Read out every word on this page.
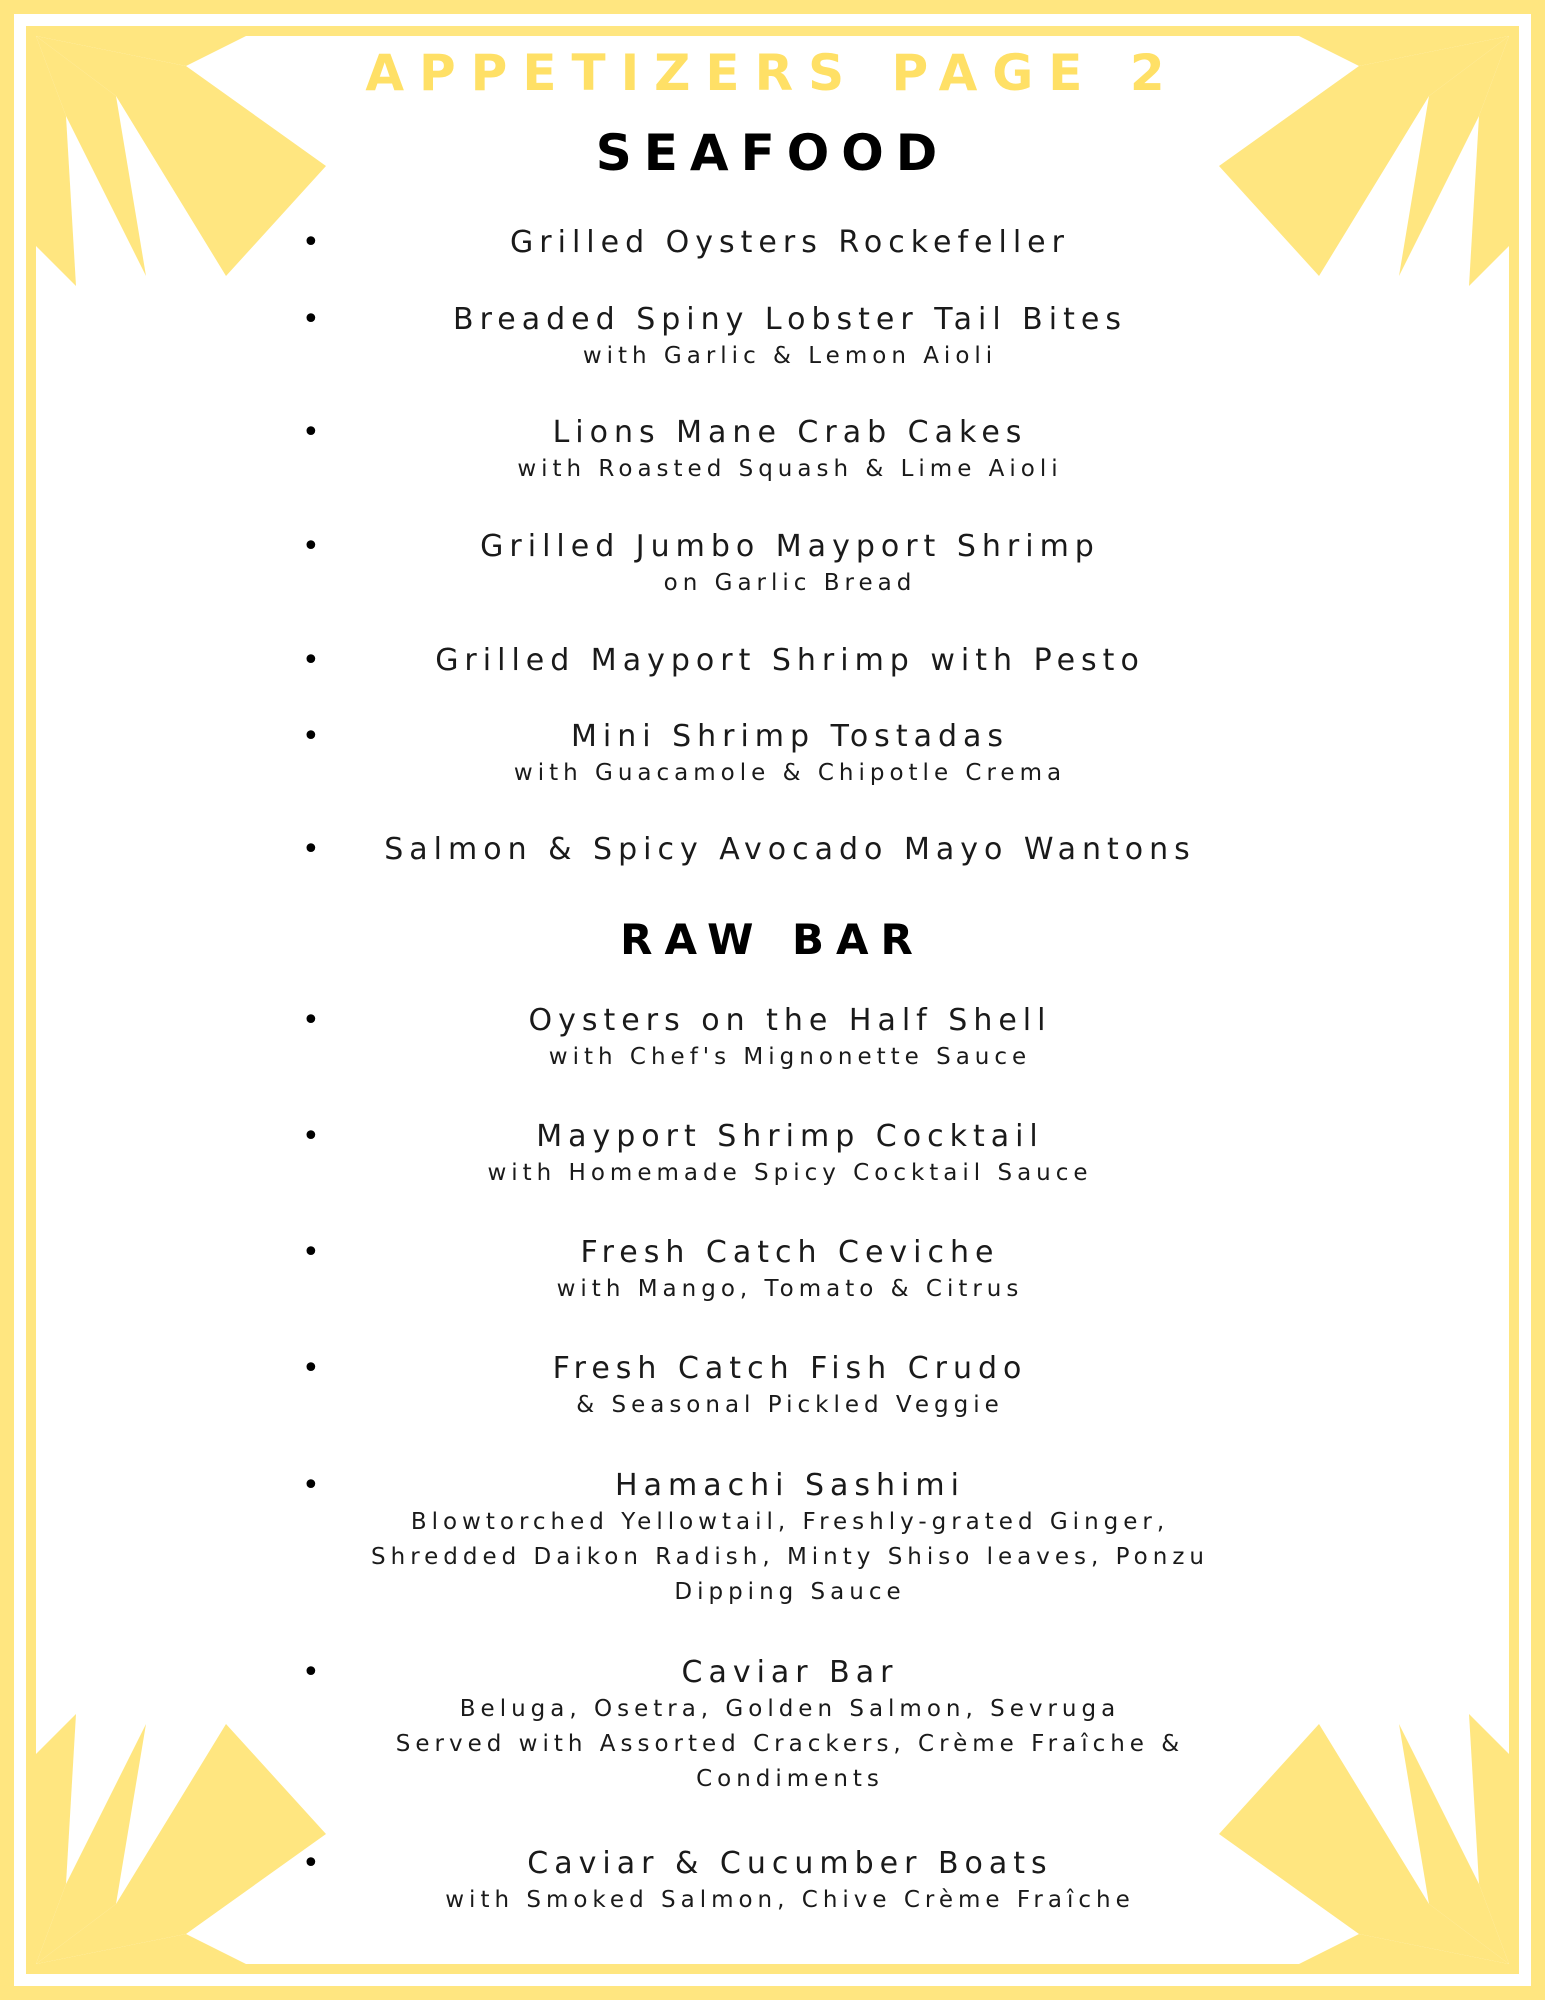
APPETIZERS PAGE 2
SEAFOOD
•	Grilled Oysters Rockefeller
•	Breaded Spiny Lobster Tail Bites
with Garlic & Lemon Aioli
•	Lions Mane Crab Cakes
with Roasted Squash & Lime Aioli
•	Grilled Jumbo Mayport Shrimp
on Garlic Bread
•	Grilled Mayport Shrimp with Pesto
•	Mini Shrimp Tostadas
with Guacamole & Chipotle Crema
•	Salmon & Spicy Avocado Mayo Wantons
RAW BAR
•	Oysters on the Half Shell
with Chef's Mignonette Sauce
•	Mayport Shrimp Cocktail
with Homemade Spicy Cocktail Sauce
•	Fresh Catch Ceviche
with Mango, Tomato & Citrus
•	Fresh Catch Fish Crudo
& Seasonal Pickled Veggie
•	Hamachi Sashimi
Blowtorched Yellowtail, Freshly-grated Ginger,
Shredded Daikon Radish, Minty Shiso leaves, Ponzu
Dipping Sauce
•	Caviar Bar
Beluga, Osetra, Golden Salmon, Sevruga
Served with Assorted Crackers, Crème Fraîche &
Condiments
•	Caviar & Cucumber Boats
with Smoked Salmon, Chive Crème Fraîche
